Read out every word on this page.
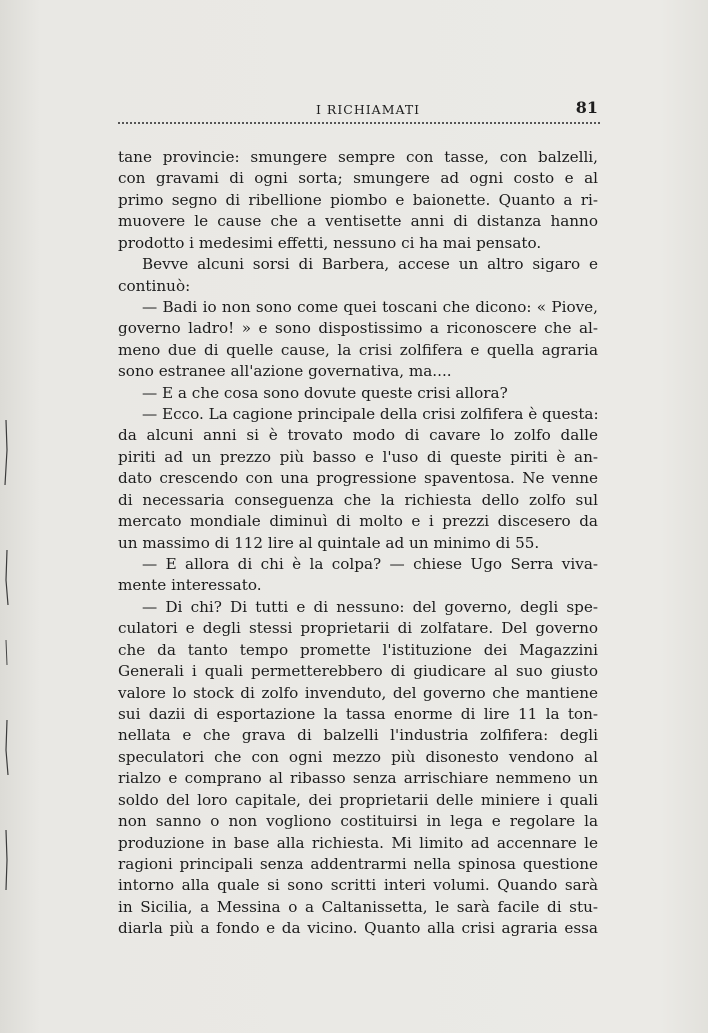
I RICHIAMATI	81
tane provincie: smungere sempre con tasse, con balzelli,
con gravami di ogni sorta; smungere ad ogni costo e al
primo segno di ribellione piombo e baionette. Quanto a ri-
muovere le cause che a ventisette anni di distanza hanno
prodotto i medesimi effetti, nessuno ci ha mai pensato.
Bevve alcuni sorsi di Barbera, accese un altro sigaro e
continuò:
— Badi io non sono come quei toscani che dicono: « Piove,
governo ladro! » e sono dispostissimo a riconoscere che al-
meno due di quelle cause, la crisi zolfifera e quella agraria
sono estranee all'azione governativa, ma....
— E a che cosa sono dovute queste crisi allora?
— Ecco. La cagione principale della crisi zolfifera è questa:
da alcuni anni si è trovato modo di cavare lo zolfo dalle
piriti ad un prezzo più basso e l'uso di queste piriti è an-
dato crescendo con una progressione spaventosa. Ne venne
di necessaria conseguenza che la richiesta dello zolfo sul
mercato mondiale diminuì di molto e i prezzi discesero da
un massimo di 112 lire al quintale ad un minimo di 55.
— E allora di chi è la colpa? — chiese Ugo Serra viva-
mente interessato.
— Di chi? Di tutti e di nessuno: del governo, degli spe-
culatori e degli stessi proprietarii di zolfatare. Del governo
che da tanto tempo promette l'istituzione dei Magazzini
Generali i quali permetterebbero di giudicare al suo giusto
valore lo stock di zolfo invenduto, del governo che mantiene
sui dazii di esportazione la tassa enorme di lire 11 la ton-
nellata e che grava di balzelli l'industria zolfifera: degli
speculatori che con ogni mezzo più disonesto vendono al
rialzo e comprano al ribasso senza arrischiare nemmeno un
soldo del loro capitale, dei proprietarii delle miniere i quali
non sanno o non vogliono costituirsi in lega e regolare la
produzione in base alla richiesta. Mi limito ad accennare le
ragioni principali senza addentrarmi nella spinosa questione
intorno alla quale si sono scritti interi volumi. Quando sarà
in Sicilia, a Messina o a Caltanissetta, le sarà facile di stu-
diarla più a fondo e da vicino. Quanto alla crisi agraria essa
